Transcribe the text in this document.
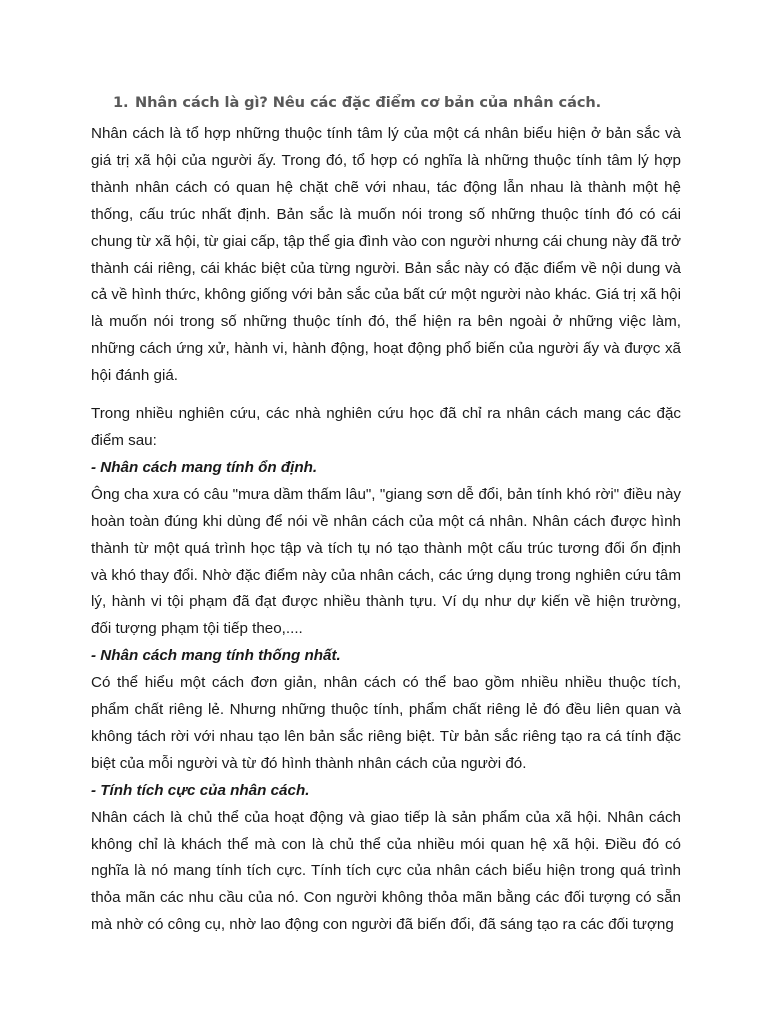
1. Nhân cách là gì? Nêu các đặc điểm cơ bản của nhân cách.

Nhân cách là tổ hợp những thuộc tính tâm lý của một cá nhân biểu hiện ở bản sắc và giá trị xã hội của người ấy. Trong đó, tổ hợp có nghĩa là những thuộc tính tâm lý hợp thành nhân cách có quan hệ chặt chẽ với nhau, tác động lẫn nhau là thành một hệ thống, cấu trúc nhất định. Bản sắc là muốn nói trong số những thuộc tính đó có cái chung từ xã hội, từ giai cấp, tập thể gia đình vào con người nhưng cái chung này đã trở thành cái riêng, cái khác biệt của từng người. Bản sắc này có đặc điểm về nội dung và cả về hình thức, không giống với bản sắc của bất cứ một người nào khác. Giá trị xã hội là muốn nói trong số những thuộc tính đó, thể hiện ra bên ngoài ở những việc làm, những cách ứng xử, hành vi, hành động, hoạt động phổ biến của người ấy và được xã hội đánh giá.

Trong nhiều nghiên cứu, các nhà nghiên cứu học đã chỉ ra nhân cách mang các đặc điểm sau:

- Nhân cách mang tính ổn định.

Ông cha xưa có câu "mưa dầm thấm lâu", "giang sơn dễ đổi, bản tính khó rời" điều này hoàn toàn đúng khi dùng để nói về nhân cách của một cá nhân. Nhân cách được hình thành từ một quá trình học tập và tích tụ nó tạo thành một cấu trúc tương đối ổn định và khó thay đổi. Nhờ đặc điểm này của nhân cách, các ứng dụng trong nghiên cứu tâm lý, hành vi tội phạm đã đạt được nhiều thành tựu. Ví dụ như dự kiến về hiện trường, đối tượng phạm tội tiếp theo,....

- Nhân cách mang tính thống nhất.

Có thể hiểu một cách đơn giản, nhân cách có thể bao gồm nhiều nhiều thuộc tích, phẩm chất riêng lẻ. Nhưng những thuộc tính, phẩm chất riêng lẻ đó đều liên quan và không tách rời với nhau tạo lên bản sắc riêng biệt. Từ bản sắc riêng tạo ra cá tính đặc biệt của mỗi người và từ đó hình thành nhân cách của người đó.

- Tính tích cực của nhân cách.

Nhân cách là chủ thể của hoạt động và giao tiếp là sản phẩm của xã hội. Nhân cách không chỉ là khách thể mà con là chủ thể của nhiều mói quan hệ xã hội. Điều đó có nghĩa là nó mang tính tích cực. Tính tích cực của nhân cách biểu hiện trong quá trình thỏa mãn các nhu cầu của nó. Con người không thỏa mãn bằng các đối tượng có sẵn mà nhờ có công cụ, nhờ lao động con người đã biến đổi, đã sáng tạo ra các đối tượng
